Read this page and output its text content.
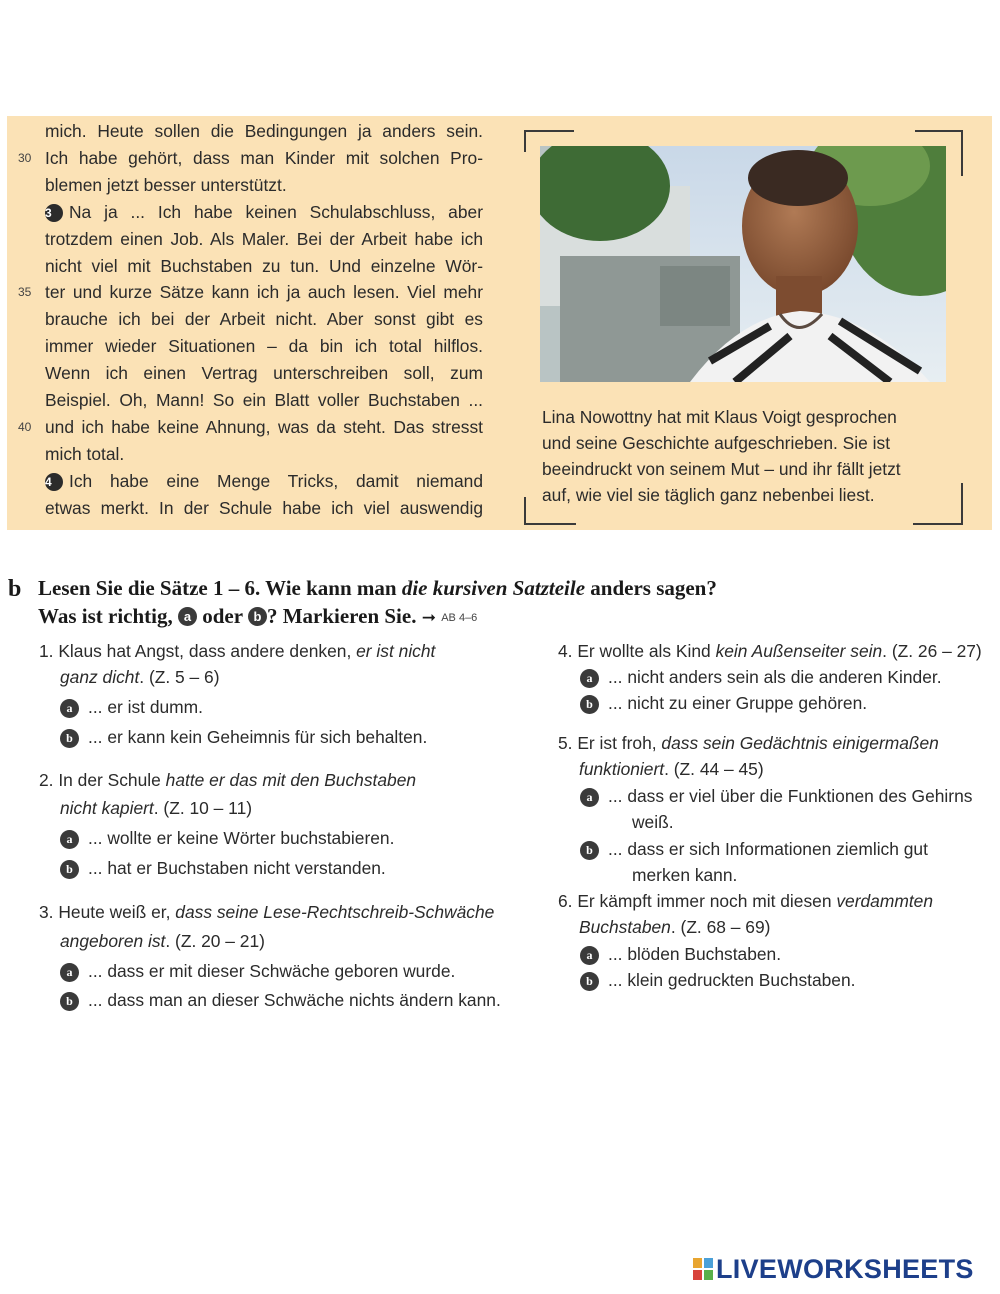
mich. Heute sollen die Bedingungen ja anders sein.
30 Ich habe gehört, dass man Kinder mit solchen Pro-
blemen jetzt besser unterstützt.
3 Na ja ... Ich habe keinen Schulabschluss, aber
trotzdem einen Job. Als Maler. Bei der Arbeit habe ich
nicht viel mit Buchstaben zu tun. Und einzelne Wör-
35 ter und kurze Sätze kann ich ja auch lesen. Viel mehr
brauche ich bei der Arbeit nicht. Aber sonst gibt es
immer wieder Situationen – da bin ich total hilflos.
Wenn ich einen Vertrag unterschreiben soll, zum
Beispiel. Oh, Mann! So ein Blatt voller Buchstaben ...
40 und ich habe keine Ahnung, was da steht. Das stresst
mich total.
4 Ich habe eine Menge Tricks, damit niemand
etwas merkt. In der Schule habe ich viel auswendig
Lina Nowottny hat mit Klaus Voigt gesprochen
und seine Geschichte aufgeschrieben. Sie ist
beeindruckt von seinem Mut – und ihr fällt jetzt
auf, wie viel sie täglich ganz nebenbei liest.
b Lesen Sie die Sätze 1 – 6. Wie kann man die kursiven Satzteile anders sagen?
Was ist richtig, a oder b ? Markieren Sie. ➞ AB 4–6
1. Klaus hat Angst, dass andere denken, er ist nicht
ganz dicht. (Z. 5 – 6)
a ... er ist dumm.
b ... er kann kein Geheimnis für sich behalten.
2. In der Schule hatte er das mit den Buchstaben
nicht kapiert. (Z. 10 – 11)
a ... wollte er keine Wörter buchstabieren.
b ... hat er Buchstaben nicht verstanden.
3. Heute weiß er, dass seine Lese-Rechtschreib-Schwäche
angeboren ist. (Z. 20 – 21)
a ... dass er mit dieser Schwäche geboren wurde.
b ... dass man an dieser Schwäche nichts ändern kann.
4. Er wollte als Kind kein Außenseiter sein. (Z. 26 – 27)
a ... nicht anders sein als die anderen Kinder.
b ... nicht zu einer Gruppe gehören.
5. Er ist froh, dass sein Gedächtnis einigermaßen
funktioniert. (Z. 44 – 45)
a ... dass er viel über die Funktionen des Gehirns
weiß.
b ... dass er sich Informationen ziemlich gut
merken kann.
6. Er kämpft immer noch mit diesen verdammten
Buchstaben. (Z. 68 – 69)
a ... blöden Buchstaben.
b ... klein gedruckten Buchstaben.
LIVEWORKSHEETS
